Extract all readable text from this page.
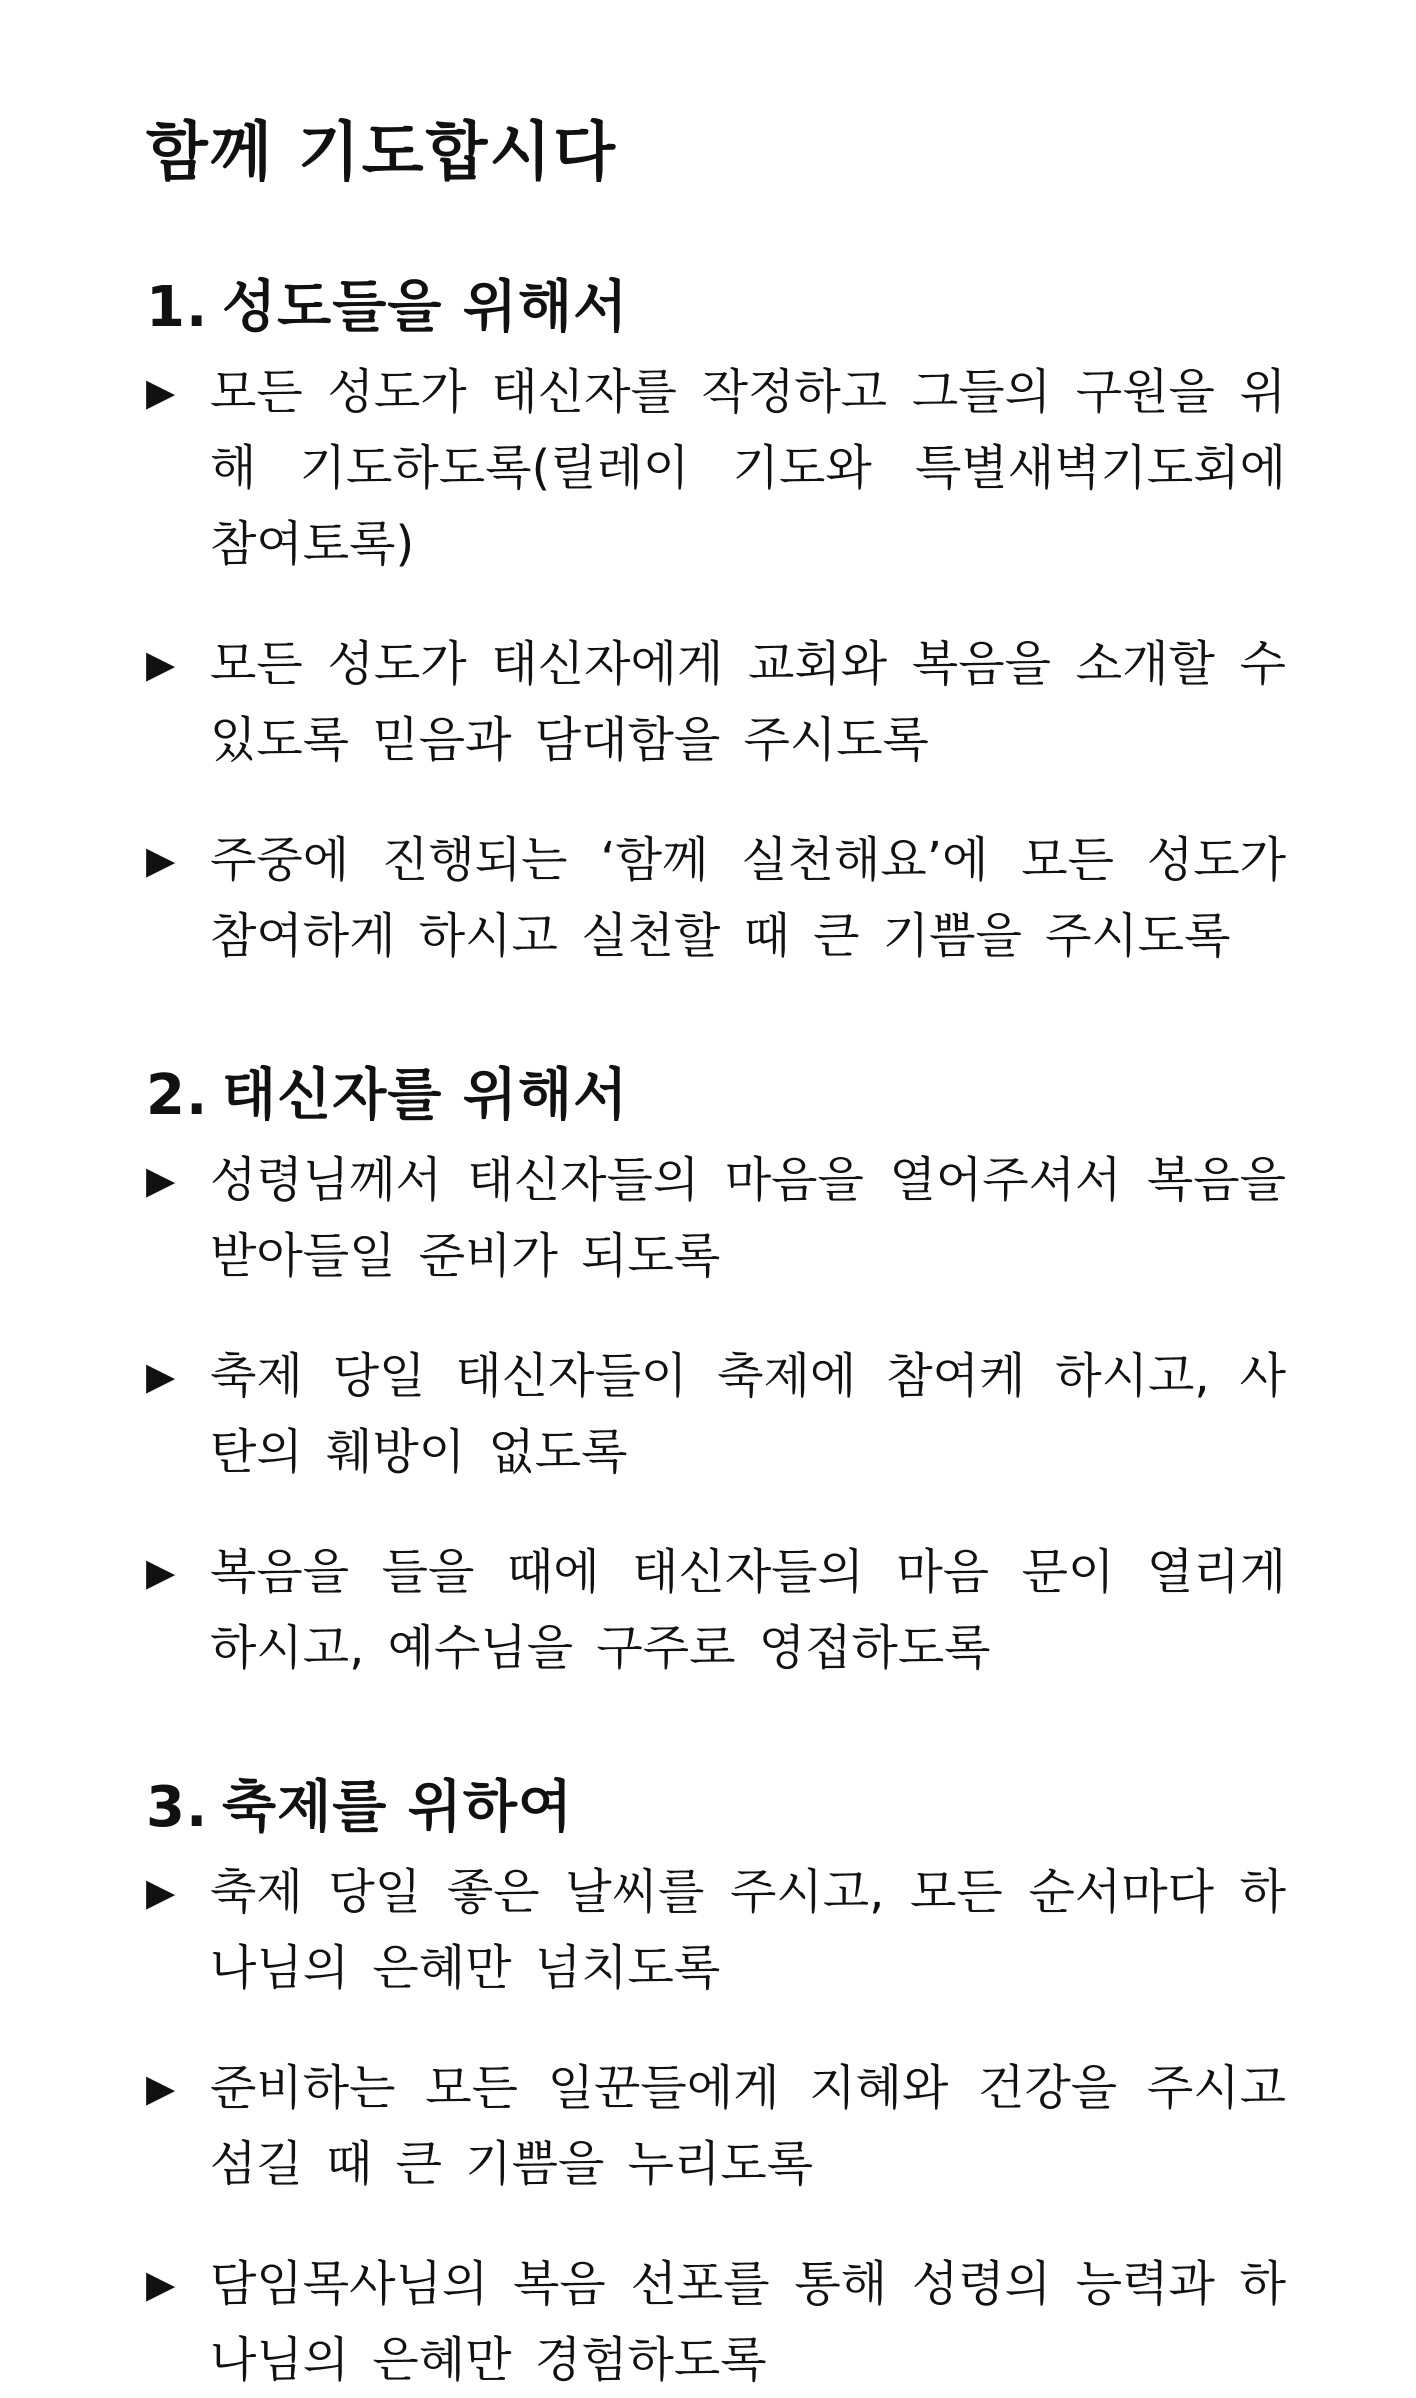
함께 기도합시다
1. 성도들을 위해서
▶ 모든 성도가 태신자를 작정하고 그들의 구원을 위해 기도하도록(릴레이 기도와 특별새벽기도회에 참여토록)
▶ 모든 성도가 태신자에게 교회와 복음을 소개할 수 있도록 믿음과 담대함을 주시도록
▶ 주중에 진행되는 ‘함께 실천해요’에 모든 성도가 참여하게 하시고 실천할 때 큰 기쁨을 주시도록
2. 태신자를 위해서
▶ 성령님께서 태신자들의 마음을 열어주셔서 복음을 받아들일 준비가 되도록
▶ 축제 당일 태신자들이 축제에 참여케 하시고, 사탄의 훼방이 없도록
▶ 복음을 들을 때에 태신자들의 마음 문이 열리게 하시고, 예수님을 구주로 영접하도록
3. 축제를 위하여
▶ 축제 당일 좋은 날씨를 주시고, 모든 순서마다 하나님의 은혜만 넘치도록
▶ 준비하는 모든 일꾼들에게 지혜와 건강을 주시고 섬길 때 큰 기쁨을 누리도록
▶ 담임목사님의 복음 선포를 통해 성령의 능력과 하나님의 은혜만 경험하도록
